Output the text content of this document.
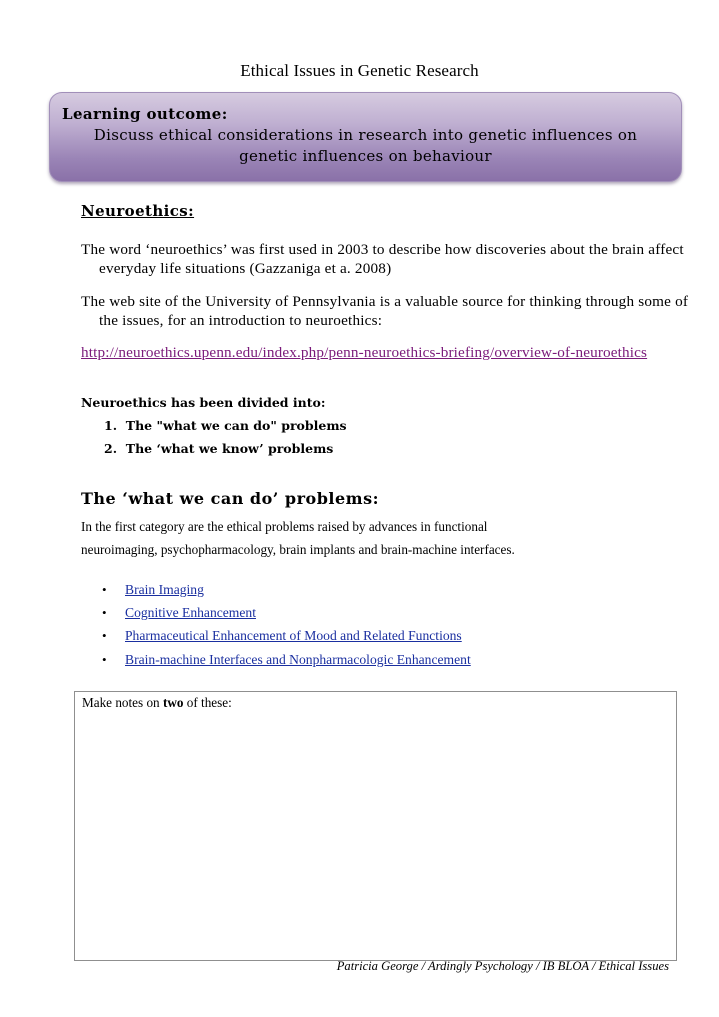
Ethical Issues in Genetic Research
Learning outcome:
Discuss ethical considerations in research into genetic influences on
genetic influences on behaviour
Neuroethics:
The word ‘neuroethics’ was first used in 2003 to describe how discoveries about the brain affect everyday life situations (Gazzaniga et a. 2008)
The web site of the University of Pennsylvania is a valuable source for thinking through some of the issues, for an introduction to neuroethics:
http://neuroethics.upenn.edu/index.php/penn-neuroethics-briefing/overview-of-neuroethics
Neuroethics has been divided into:
1. The "what we can do" problems
2. The ‘what we know’ problems
The ‘what we can do’ problems:
In the first category are the ethical problems raised by advances in functional
neuroimaging, psychopharmacology, brain implants and brain-machine interfaces.
• Brain Imaging
• Cognitive Enhancement
• Pharmaceutical Enhancement of Mood and Related Functions
• Brain-machine Interfaces and Nonpharmacologic Enhancement
Make notes on two of these:
Patricia George / Ardingly Psychology / IB BLOA / Ethical Issues
